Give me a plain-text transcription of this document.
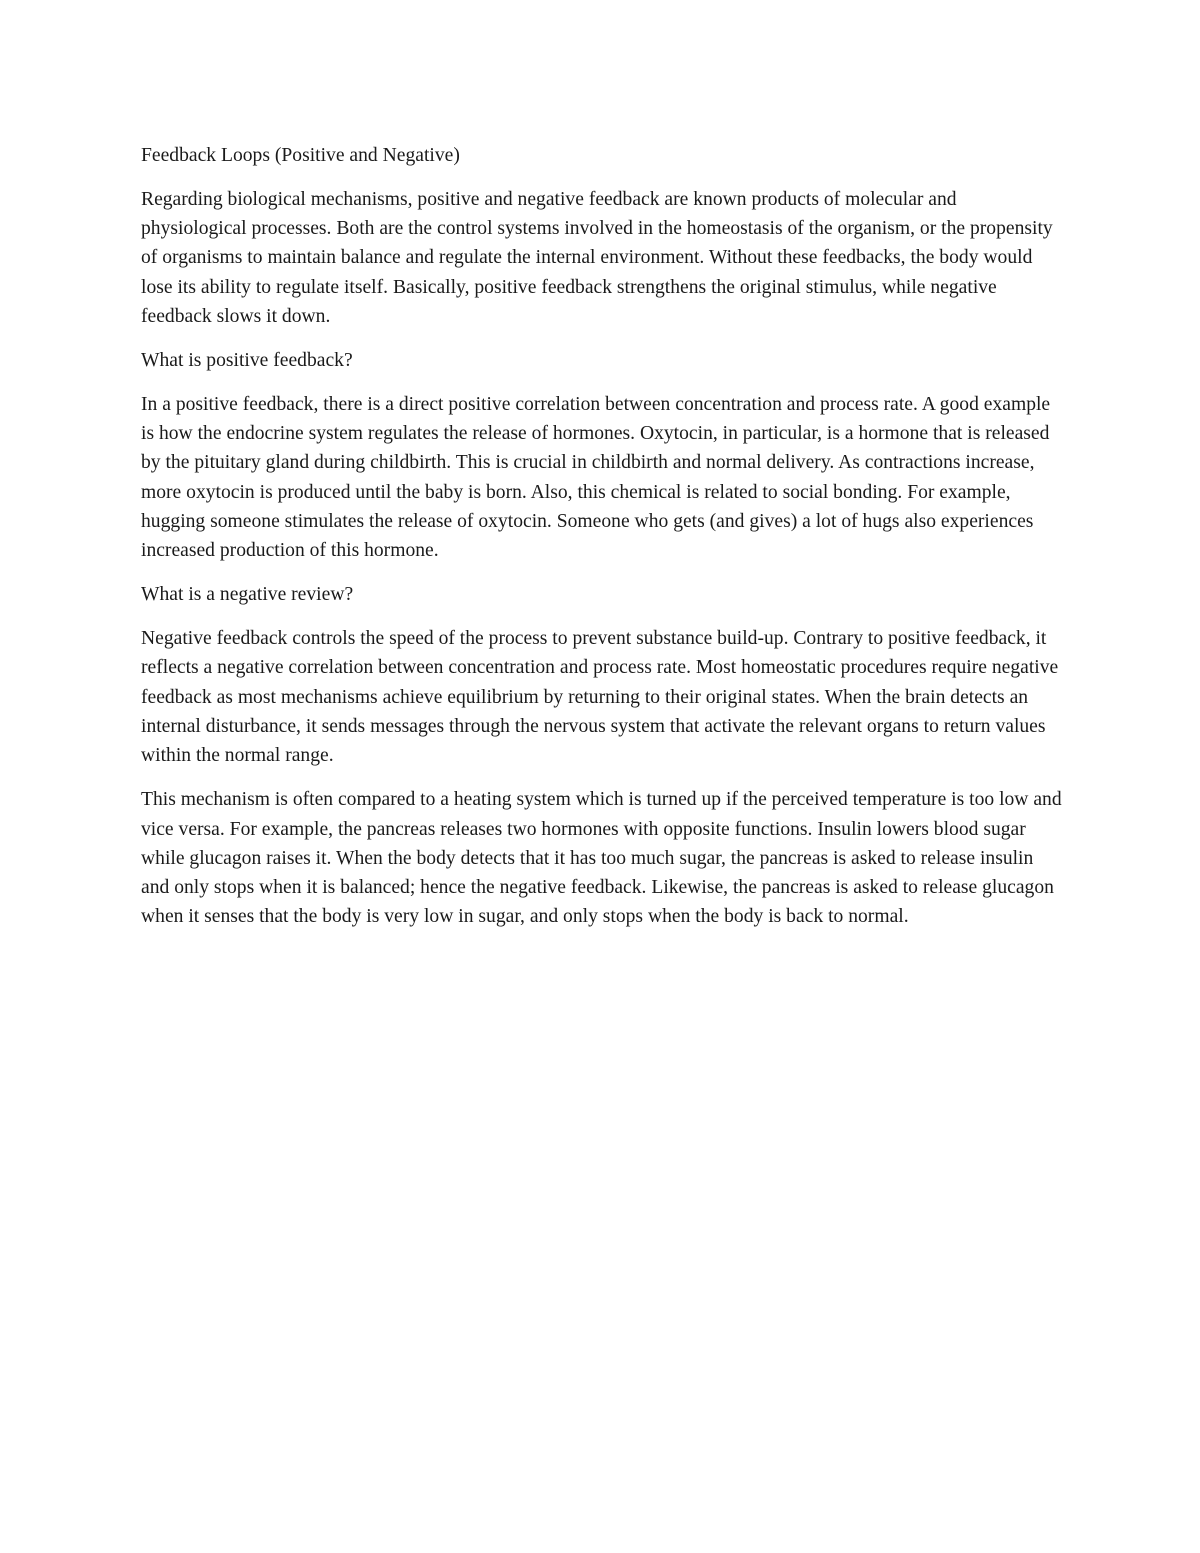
Feedback Loops (Positive and Negative)

Regarding biological mechanisms, positive and negative feedback are known products of molecular and physiological processes. Both are the control systems involved in the homeostasis of the organism, or the propensity of organisms to maintain balance and regulate the internal environment. Without these feedbacks, the body would lose its ability to regulate itself. Basically, positive feedback strengthens the original stimulus, while negative feedback slows it down.

What is positive feedback?

In a positive feedback, there is a direct positive correlation between concentration and process rate. A good example is how the endocrine system regulates the release of hormones. Oxytocin, in particular, is a hormone that is released by the pituitary gland during childbirth. This is crucial in childbirth and normal delivery. As contractions increase, more oxytocin is produced until the baby is born. Also, this chemical is related to social bonding. For example, hugging someone stimulates the release of oxytocin. Someone who gets (and gives) a lot of hugs also experiences increased production of this hormone.

What is a negative review?

Negative feedback controls the speed of the process to prevent substance build-up. Contrary to positive feedback, it reflects a negative correlation between concentration and process rate. Most homeostatic procedures require negative feedback as most mechanisms achieve equilibrium by returning to their original states. When the brain detects an internal disturbance, it sends messages through the nervous system that activate the relevant organs to return values within the normal range.

This mechanism is often compared to a heating system which is turned up if the perceived temperature is too low and vice versa. For example, the pancreas releases two hormones with opposite functions. Insulin lowers blood sugar while glucagon raises it. When the body detects that it has too much sugar, the pancreas is asked to release insulin and only stops when it is balanced; hence the negative feedback. Likewise, the pancreas is asked to release glucagon when it senses that the body is very low in sugar, and only stops when the body is back to normal.
